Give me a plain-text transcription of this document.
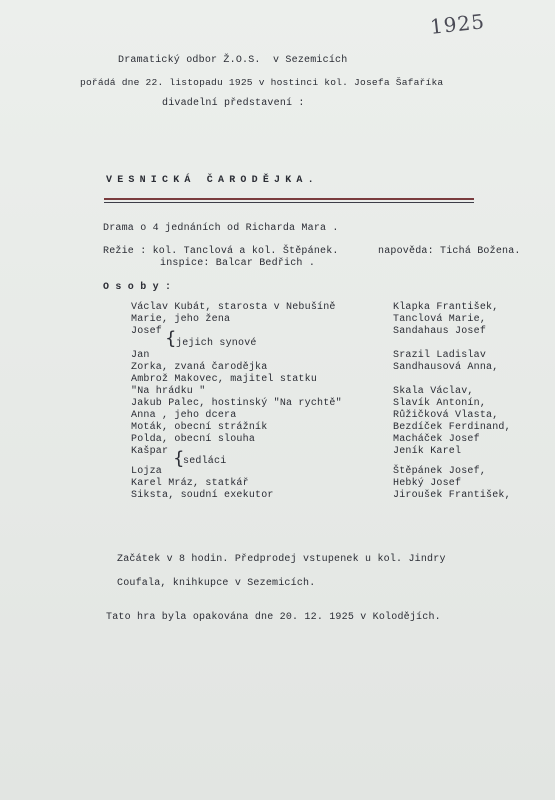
1925
Dramatický odbor Ž.O.S.  v Sezemicích
pořádá dne 22. listopadu 1925 v hostinci kol. Josefa Šafaříka
divadelní představení :
VESNICKÁ ČARODĚJKA.
Drama o 4 jednáních od Richarda Mara .
Režie : kol. Tanclová a kol. Štěpánek.	napověda: Tichá Božena.
inspice: Balcar Bedřich .
O s o b y :
Václav Kubát, starosta v Nebušíně
Marie, jeho žena
Josef { jejich synové
Jan
Zorka, zvaná čarodějka
Ambrož Makovec, majitel statku
"Na hrádku "
Jakub Palec, hostinský "Na rychtě"
Anna , jeho dcera
Moták, obecní strážník
Polda, obecní slouha
Kašpar {
sedláci
Lojza
Karel Mráz, statkář
Siksta, soudní exekutor
Klapka František,
Tanclová Marie,
Sandahaus Josef
Srazil Ladislav
Sandhausová Anna,
Skala Václav,
Slavík Antonín,
Růžičková Vlasta,
Bezdíček Ferdinand,
Macháček Josef
Jeník Karel
Štěpánek Josef,
Hebký Josef
Jiroušek František,
Začátek v 8 hodin. Předprodej vstupenek u kol. Jindry
Coufala, knihkupce v Sezemicích.
Tato hra byla opakována dne 20. 12. 1925 v Kolodějích.
